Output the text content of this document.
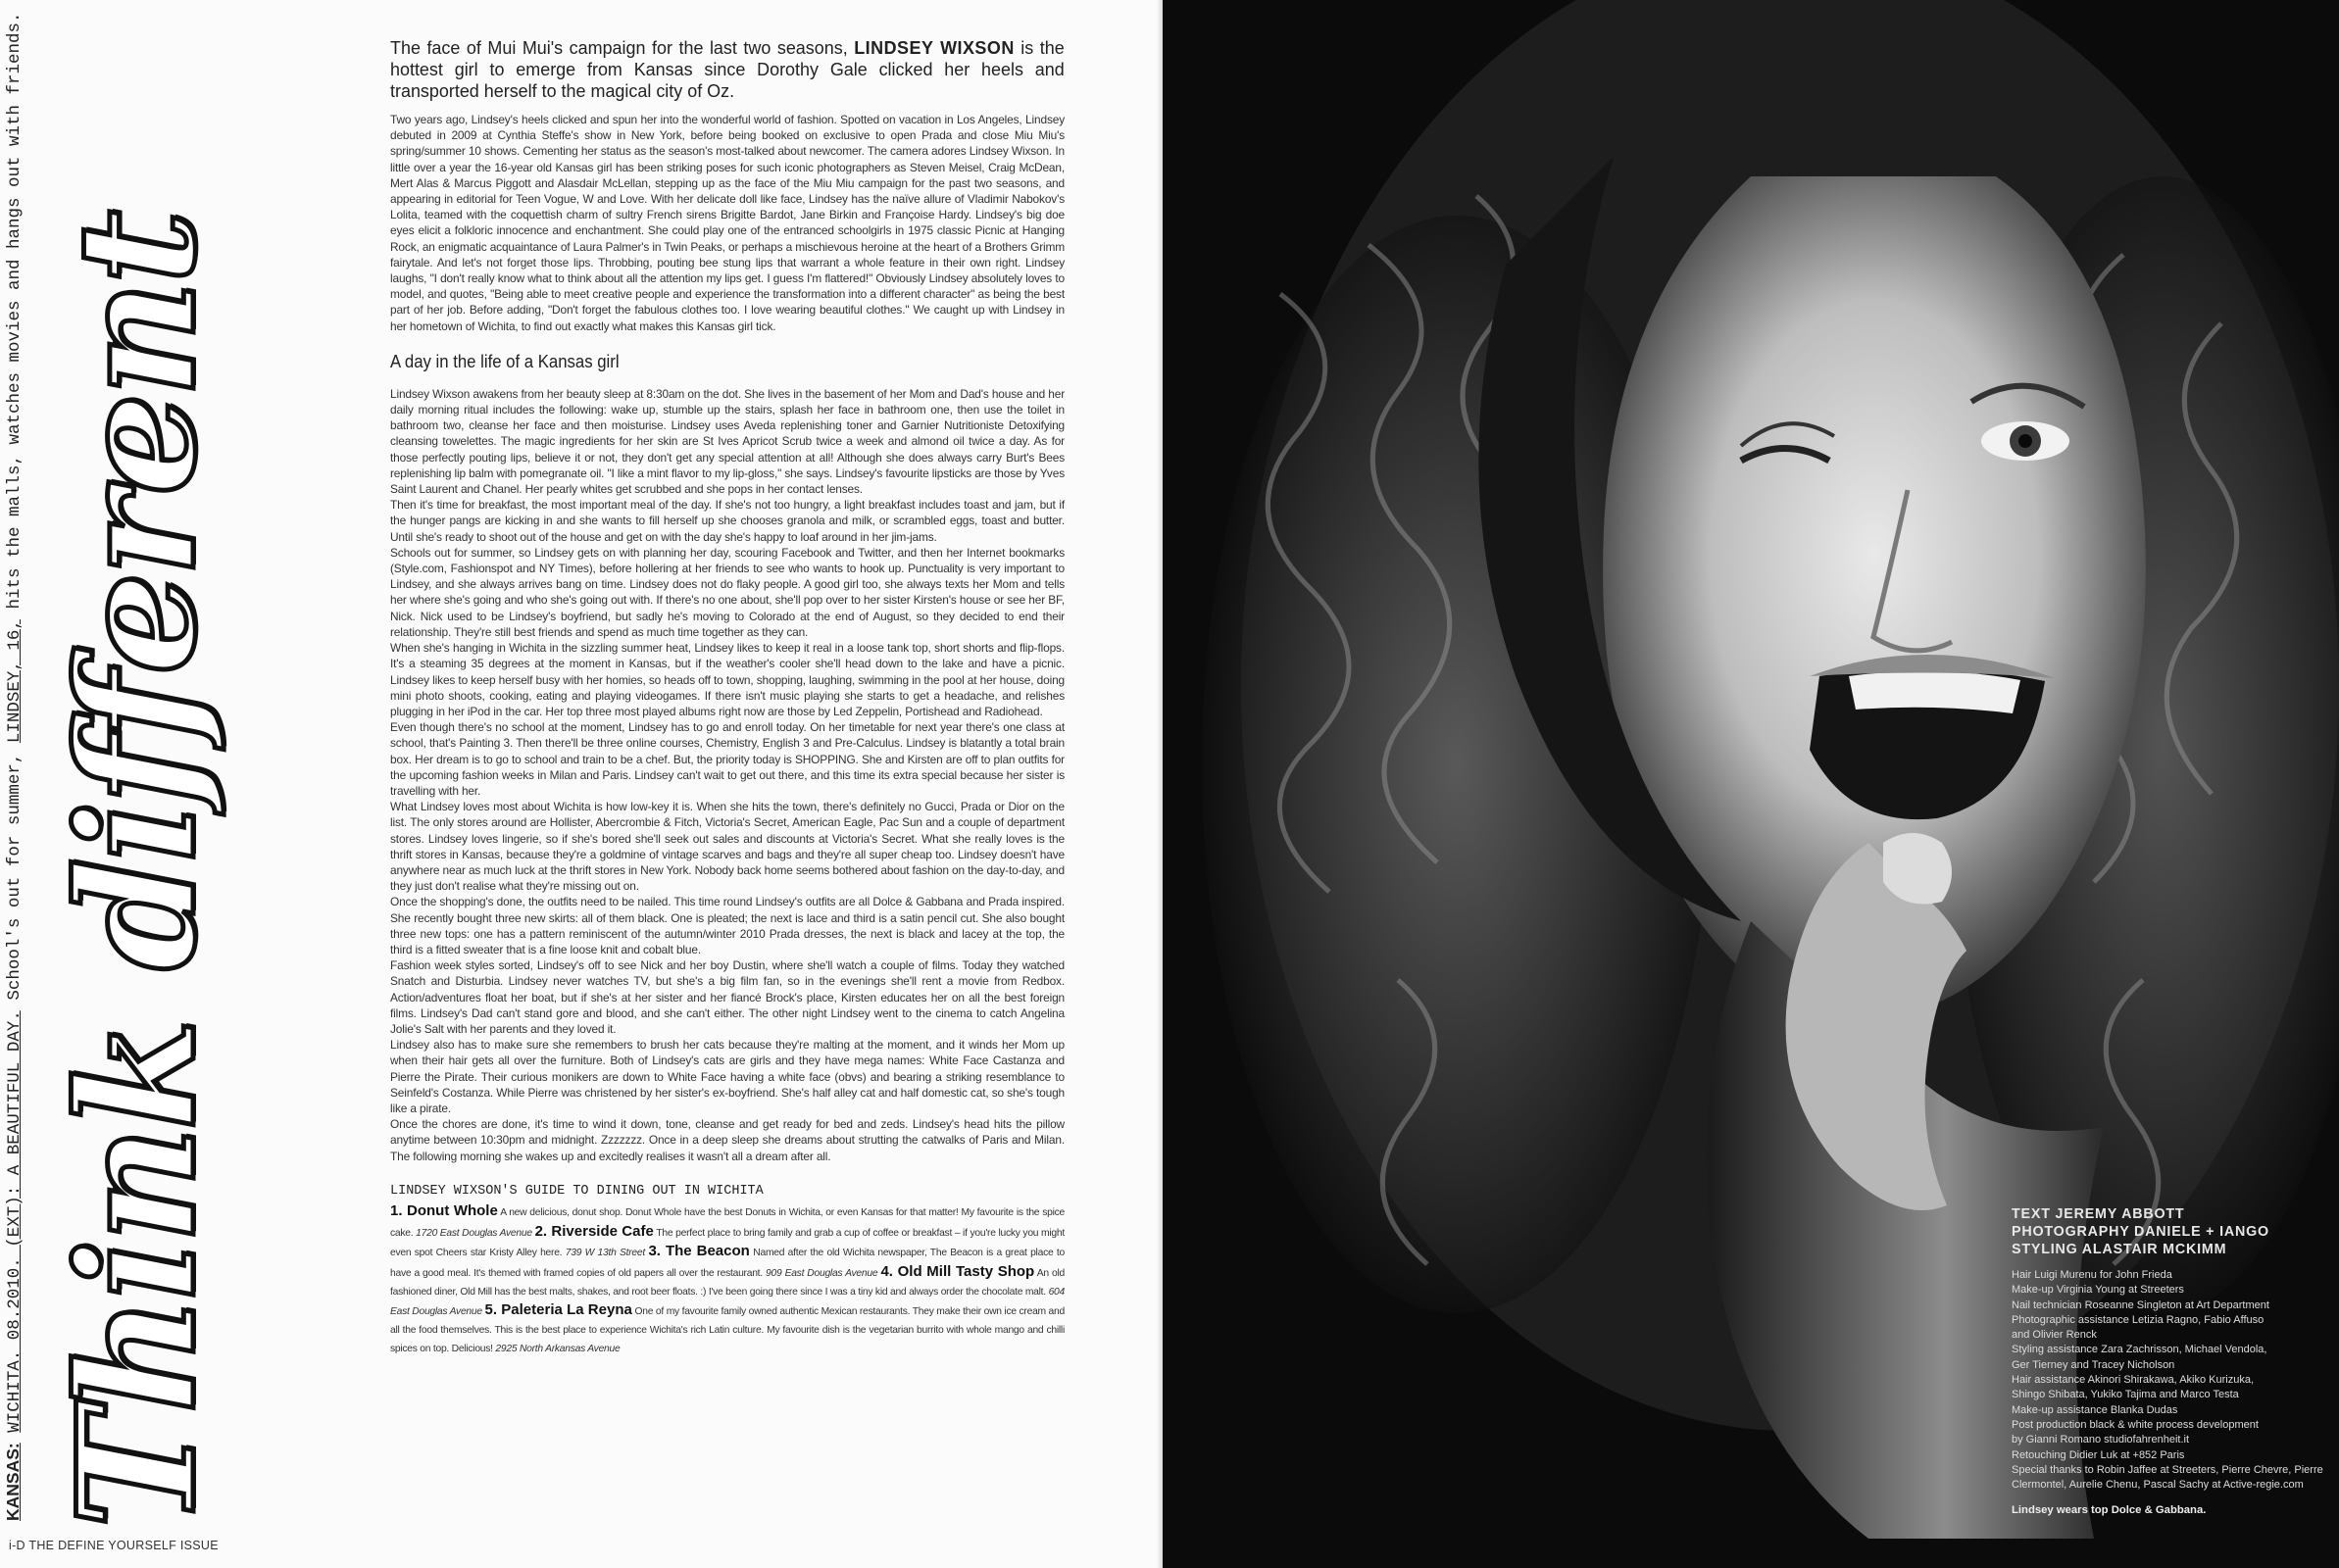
Think different
KANSAS: WICHITA. 08.2010. (EXT): A BEAUTIFUL DAY. School's out for summer, LINDSEY, 16, hits the malls, watches movies and hangs out with friends.
i-D THE DEFINE YOURSELF ISSUE

The face of Mui Mui's campaign for the last two seasons, LINDSEY WIXSON is the hottest girl to emerge from Kansas since Dorothy Gale clicked her heels and transported herself to the magical city of Oz.

Two years ago, Lindsey's heels clicked and spun her into the wonderful world of fashion. Spotted on vacation in Los Angeles, Lindsey debuted in 2009 at Cynthia Steffe's show in New York, before being booked on exclusive to open Prada and close Miu Miu's spring/summer 10 shows. Cementing her status as the season's most-talked about newcomer. The camera adores Lindsey Wixson. In little over a year the 16-year old Kansas girl has been striking poses for such iconic photographers as Steven Meisel, Craig McDean, Mert Alas & Marcus Piggott and Alasdair McLellan, stepping up as the face of the Miu Miu campaign for the past two seasons, and appearing in editorial for Teen Vogue, W and Love. With her delicate doll like face, Lindsey has the naïve allure of Vladimir Nabokov's Lolita, teamed with the coquettish charm of sultry French sirens Brigitte Bardot, Jane Birkin and Françoise Hardy. Lindsey's big doe eyes elicit a folkloric innocence and enchantment. She could play one of the entranced schoolgirls in 1975 classic Picnic at Hanging Rock, an enigmatic acquaintance of Laura Palmer's in Twin Peaks, or perhaps a mischievous heroine at the heart of a Brothers Grimm fairytale. And let's not forget those lips. Throbbing, pouting bee stung lips that warrant a whole feature in their own right. Lindsey laughs, "I don't really know what to think about all the attention my lips get. I guess I'm flattered!" Obviously Lindsey absolutely loves to model, and quotes, "Being able to meet creative people and experience the transformation into a different character" as being the best part of her job. Before adding, "Don't forget the fabulous clothes too. I love wearing beautiful clothes." We caught up with Lindsey in her hometown of Wichita, to find out exactly what makes this Kansas girl tick.

A day in the life of a Kansas girl

Lindsey Wixson awakens from her beauty sleep at 8:30am on the dot. She lives in the basement of her Mom and Dad's house and her daily morning ritual includes the following: wake up, stumble up the stairs, splash her face in bathroom one, then use the toilet in bathroom two, cleanse her face and then moisturise. Lindsey uses Aveda replenishing toner and Garnier Nutritioniste Detoxifying cleansing towelettes. The magic ingredients for her skin are St Ives Apricot Scrub twice a week and almond oil twice a day. As for those perfectly pouting lips, believe it or not, they don't get any special attention at all! Although she does always carry Burt's Bees replenishing lip balm with pomegranate oil. "I like a mint flavor to my lip-gloss," she says. Lindsey's favourite lipsticks are those by Yves Saint Laurent and Chanel. Her pearly whites get scrubbed and she pops in her contact lenses.

Then it's time for breakfast, the most important meal of the day. If she's not too hungry, a light breakfast includes toast and jam, but if the hunger pangs are kicking in and she wants to fill herself up she chooses granola and milk, or scrambled eggs, toast and butter. Until she's ready to shoot out of the house and get on with the day she's happy to loaf around in her jim-jams.

Schools out for summer, so Lindsey gets on with planning her day, scouring Facebook and Twitter, and then her Internet bookmarks (Style.com, Fashionspot and NY Times), before hollering at her friends to see who wants to hook up. Punctuality is very important to Lindsey, and she always arrives bang on time. Lindsey does not do flaky people. A good girl too, she always texts her Mom and tells her where she's going and who she's going out with. If there's no one about, she'll pop over to her sister Kirsten's house or see her BF, Nick. Nick used to be Lindsey's boyfriend, but sadly he's moving to Colorado at the end of August, so they decided to end their relationship. They're still best friends and spend as much time together as they can.

When she's hanging in Wichita in the sizzling summer heat, Lindsey likes to keep it real in a loose tank top, short shorts and flip-flops. It's a steaming 35 degrees at the moment in Kansas, but if the weather's cooler she'll head down to the lake and have a picnic. Lindsey likes to keep herself busy with her homies, so heads off to town, shopping, laughing, swimming in the pool at her house, doing mini photo shoots, cooking, eating and playing videogames. If there isn't music playing she starts to get a headache, and relishes plugging in her iPod in the car. Her top three most played albums right now are those by Led Zeppelin, Portishead and Radiohead.

Even though there's no school at the moment, Lindsey has to go and enroll today. On her timetable for next year there's one class at school, that's Painting 3. Then there'll be three online courses, Chemistry, English 3 and Pre-Calculus. Lindsey is blatantly a total brain box. Her dream is to go to school and train to be a chef. But, the priority today is SHOPPING. She and Kirsten are off to plan outfits for the upcoming fashion weeks in Milan and Paris. Lindsey can't wait to get out there, and this time its extra special because her sister is travelling with her.

What Lindsey loves most about Wichita is how low-key it is. When she hits the town, there's definitely no Gucci, Prada or Dior on the list. The only stores around are Hollister, Abercrombie & Fitch, Victoria's Secret, American Eagle, Pac Sun and a couple of department stores. Lindsey loves lingerie, so if she's bored she'll seek out sales and discounts at Victoria's Secret. What she really loves is the thrift stores in Kansas, because they're a goldmine of vintage scarves and bags and they're all super cheap too. Lindsey doesn't have anywhere near as much luck at the thrift stores in New York. Nobody back home seems bothered about fashion on the day-to-day, and they just don't realise what they're missing out on.

Once the shopping's done, the outfits need to be nailed. This time round Lindsey's outfits are all Dolce & Gabbana and Prada inspired. She recently bought three new skirts: all of them black. One is pleated; the next is lace and third is a satin pencil cut. She also bought three new tops: one has a pattern reminiscent of the autumn/winter 2010 Prada dresses, the next is black and lacey at the top, the third is a fitted sweater that is a fine loose knit and cobalt blue.

Fashion week styles sorted, Lindsey's off to see Nick and her boy Dustin, where she'll watch a couple of films. Today they watched Snatch and Disturbia. Lindsey never watches TV, but she's a big film fan, so in the evenings she'll rent a movie from Redbox. Action/adventures float her boat, but if she's at her sister and her fiancé Brock's place, Kirsten educates her on all the best foreign films. Lindsey's Dad can't stand gore and blood, and she can't either. The other night Lindsey went to the cinema to catch Angelina Jolie's Salt with her parents and they loved it.

Lindsey also has to make sure she remembers to brush her cats because they're malting at the moment, and it winds her Mom up when their hair gets all over the furniture. Both of Lindsey's cats are girls and they have mega names: White Face Castanza and Pierre the Pirate. Their curious monikers are down to White Face having a white face (obvs) and bearing a striking resemblance to Seinfeld's Costanza. While Pierre was christened by her sister's ex-boyfriend. She's half alley cat and half domestic cat, so she's tough like a pirate.

Once the chores are done, it's time to wind it down, tone, cleanse and get ready for bed and zeds. Lindsey's head hits the pillow anytime between 10:30pm and midnight. Zzzzzzz. Once in a deep sleep she dreams about strutting the catwalks of Paris and Milan. The following morning she wakes up and excitedly realises it wasn't all a dream after all.

LINDSEY WIXSON'S GUIDE TO DINING OUT IN WICHITA

1. Donut Whole A new delicious, donut shop. Donut Whole have the best Donuts in Wichita, or even Kansas for that matter! My favourite is the spice cake. 1720 East Douglas Avenue 2. Riverside Cafe The perfect place to bring family and grab a cup of coffee or breakfast – if you're lucky you might even spot Cheers star Kristy Alley here. 739 W 13th Street 3. The Beacon Named after the old Wichita newspaper, The Beacon is a great place to have a good meal. It's themed with framed copies of old papers all over the restaurant. 909 East Douglas Avenue 4. Old Mill Tasty Shop An old fashioned diner, Old Mill has the best malts, shakes, and root beer floats. :) I've been going there since I was a tiny kid and always order the chocolate malt. 604 East Douglas Avenue 5. Paleteria La Reyna One of my favourite family owned authentic Mexican restaurants. They make their own ice cream and all the food themselves. This is the best place to experience Wichita's rich Latin culture. My favourite dish is the vegetarian burrito with whole mango and chilli spices on top. Delicious! 2925 North Arkansas Avenue

TEXT JEREMY ABBOTT
PHOTOGRAPHY DANIELE + IANGO
STYLING ALASTAIR MCKIMM
Hair Luigi Murenu for John Frieda
Make-up Virginia Young at Streeters
Nail technician Roseanne Singleton at Art Department
Photographic assistance Letizia Ragno, Fabio Affuso
and Olivier Renck
Styling assistance Zara Zachrisson, Michael Vendola,
Ger Tierney and Tracey Nicholson
Hair assistance Akinori Shirakawa, Akiko Kurizuka,
Shingo Shibata, Yukiko Tajima and Marco Testa
Make-up assistance Blanka Dudas
Post production black & white process development
by Gianni Romano studiofahrenheit.it
Retouching Didier Luk at +852 Paris
Special thanks to Robin Jaffee at Streeters, Pierre Chevre, Pierre
Clermontel, Aurelie Chenu, Pascal Sachy at Active-regie.com
Lindsey wears top Dolce & Gabbana.
